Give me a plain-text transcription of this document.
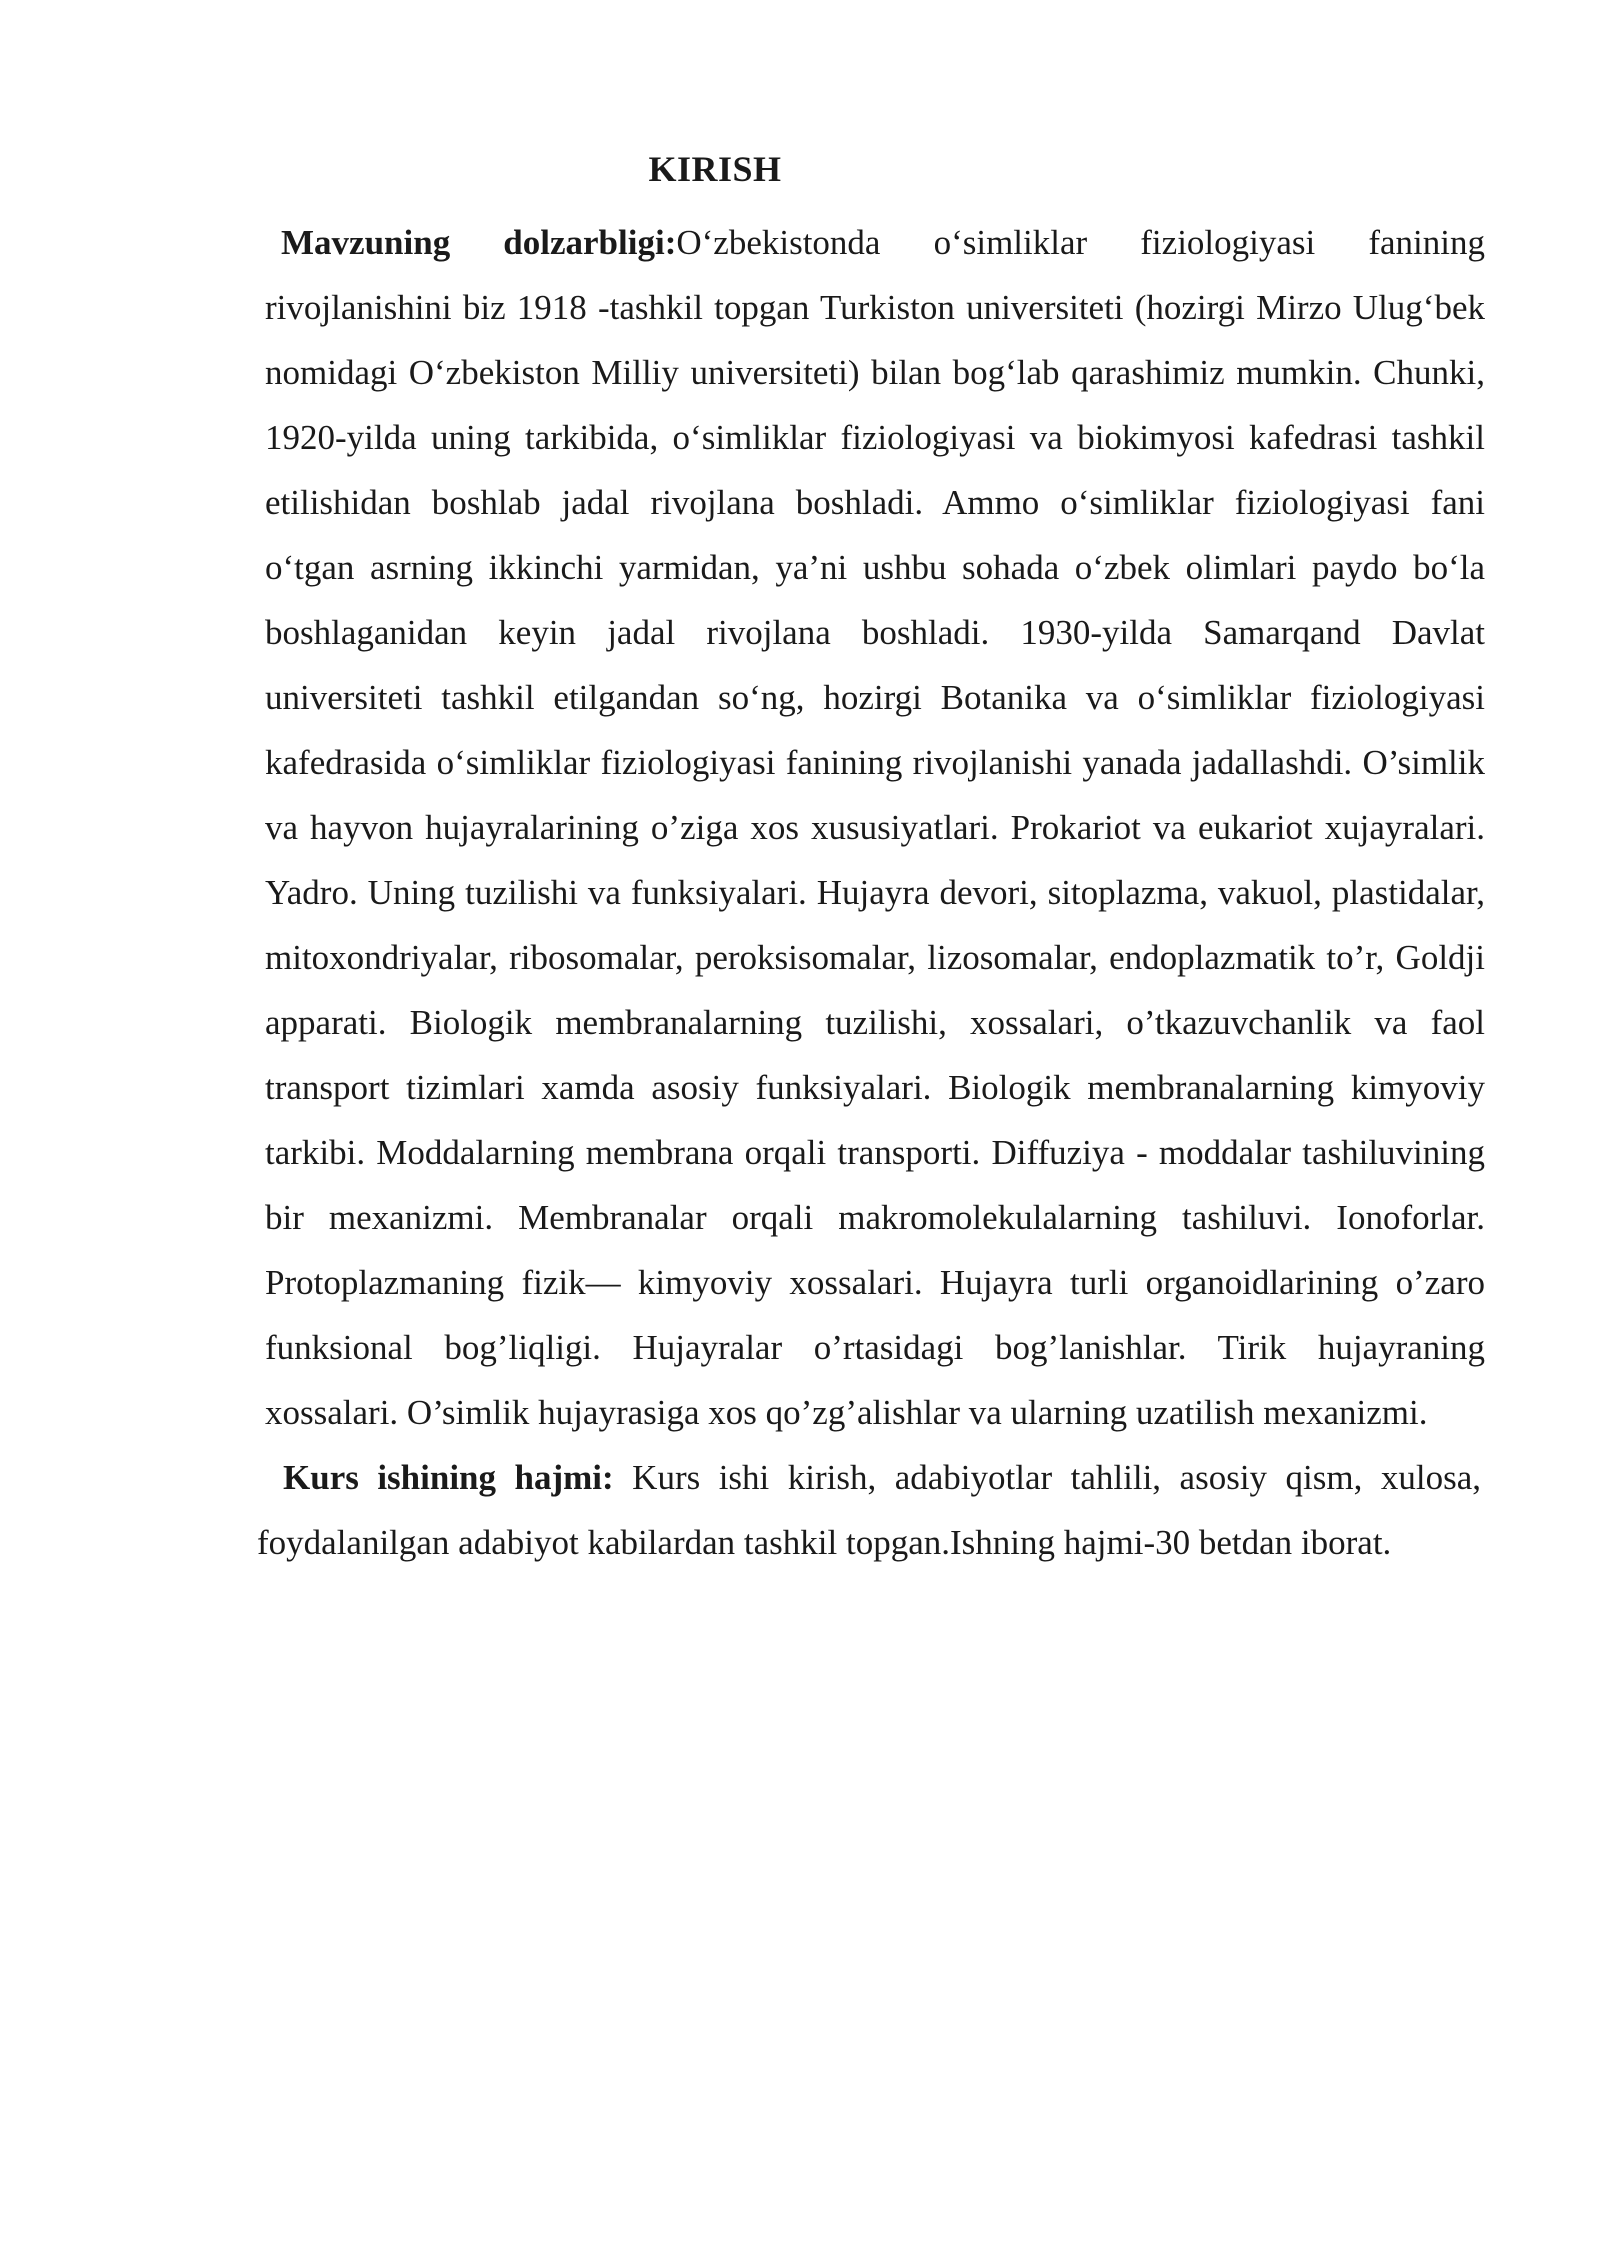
KIRISH

Mavzuning dolzarbligi:O‘zbekistonda o‘simliklar fiziologiyasi fanining rivojlanishini biz 1918 -tashkil topgan Turkiston universiteti (hozirgi Mirzo Ulug‘bek nomidagi O‘zbekiston Milliy universiteti) bilan bog‘lab qarashimiz mumkin. Chunki, 1920-yilda uning tarkibida, o‘simliklar fiziologiyasi va biokimyosi kafedrasi tashkil etilishidan boshlab jadal rivojlana boshladi. Ammo o‘simliklar fiziologiyasi fani o‘tgan asrning ikkinchi yarmidan, ya’ni ushbu sohada o‘zbek olimlari paydo bo‘la boshlaganidan keyin jadal rivojlana boshladi. 1930-yilda Samarqand Davlat universiteti tashkil etilgandan so‘ng, hozirgi Botanika va o‘simliklar fiziologiyasi kafedrasida o‘simliklar fiziologiyasi fanining rivojlanishi yanada jadallashdi. O’simlik va hayvon hujayralarining o’ziga xos xususiyatlari. Prokariot va eukariot xujayralari. Yadro. Uning tuzilishi va funksiyalari. Hujayra devori, sitoplazma, vakuol, plastidalar, mitoxondriyalar, ribosomalar, peroksisomalar, lizosomalar, endoplazmatik to’r, Goldji apparati. Biologik membranalarning tuzilishi, xossalari, o’tkazuvchanlik va faol transport tizimlari xamda asosiy funksiyalari. Biologik membranalarning kimyoviy tarkibi. Moddalarning membrana orqali transporti. Diffuziya - moddalar tashiluvining bir mexanizmi. Membranalar orqali makromolekulalarning tashiluvi. Ionoforlar. Protoplazmaning fizik— kimyoviy xossalari. Hujayra turli organoidlarining o’zaro funksional bog’liqligi. Hujayralar o’rtasidagi bog’lanishlar. Tirik hujayraning xossalari. O’simlik hujayrasiga xos qo’zg’alishlar va ularning uzatilish mexanizmi.

Kurs ishining hajmi: Kurs ishi kirish, adabiyotlar tahlili, asosiy qism, xulosa, foydalanilgan adabiyot kabilardan tashkil topgan.Ishning hajmi-30 betdan iborat.
